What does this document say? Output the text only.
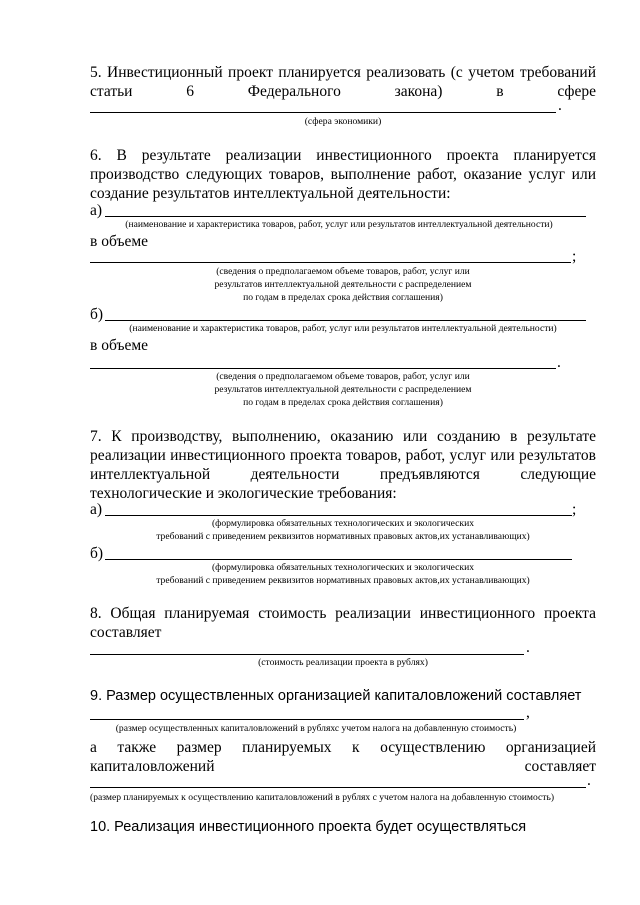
5. Инвестиционный проект планируется реализовать (с учетом требований статьи 6 Федерального закона) в сфере
.
(сфера экономики)
6. В результате реализации инвестиционного проекта планируется производство следующих товаров, выполнение работ, оказание услуг или создание результатов интеллектуальной деятельности:
а)
(наименование и характеристика товаров, работ, услуг или результатов интеллектуальной деятельности)
в объеме
;
(сведения о предполагаемом объеме товаров, работ, услуг или
результатов интеллектуальной деятельности с распределением
по годам в пределах срока действия соглашения)
б)
(наименование и характеристика товаров, работ, услуг или результатов интеллектуальной деятельности)
в объеме
.
(сведения о предполагаемом объеме товаров, работ, услуг или
результатов интеллектуальной деятельности с распределением
по годам в пределах срока действия соглашения)
7. К производству, выполнению, оказанию или созданию в результате реализации инвестиционного проекта товаров, работ, услуг или результатов интеллектуальной деятельности предъявляются следующие технологические и экологические требования:
а)	;
(формулировка обязательных технологических и экологических
требований с приведением реквизитов нормативных правовых актов,их устанавливающих)
б)
(формулировка обязательных технологических и экологических
требований с приведением реквизитов нормативных правовых актов,их устанавливающих)
8. Общая планируемая стоимость реализации инвестиционного проекта составляет
.
(стоимость реализации проекта в рублях)
9. Размер осуществленных организацией капиталовложений составляет
,
(размер осуществленных капиталовложений в рубляхс учетом налога на добавленную стоимость)
а также размер планируемых к осуществлению организацией капиталовложений составляет
.
(размер планируемых к осуществлению капиталовложений в рублях с учетом налога на добавленную стоимость)
10. Реализация инвестиционного проекта будет осуществляться
